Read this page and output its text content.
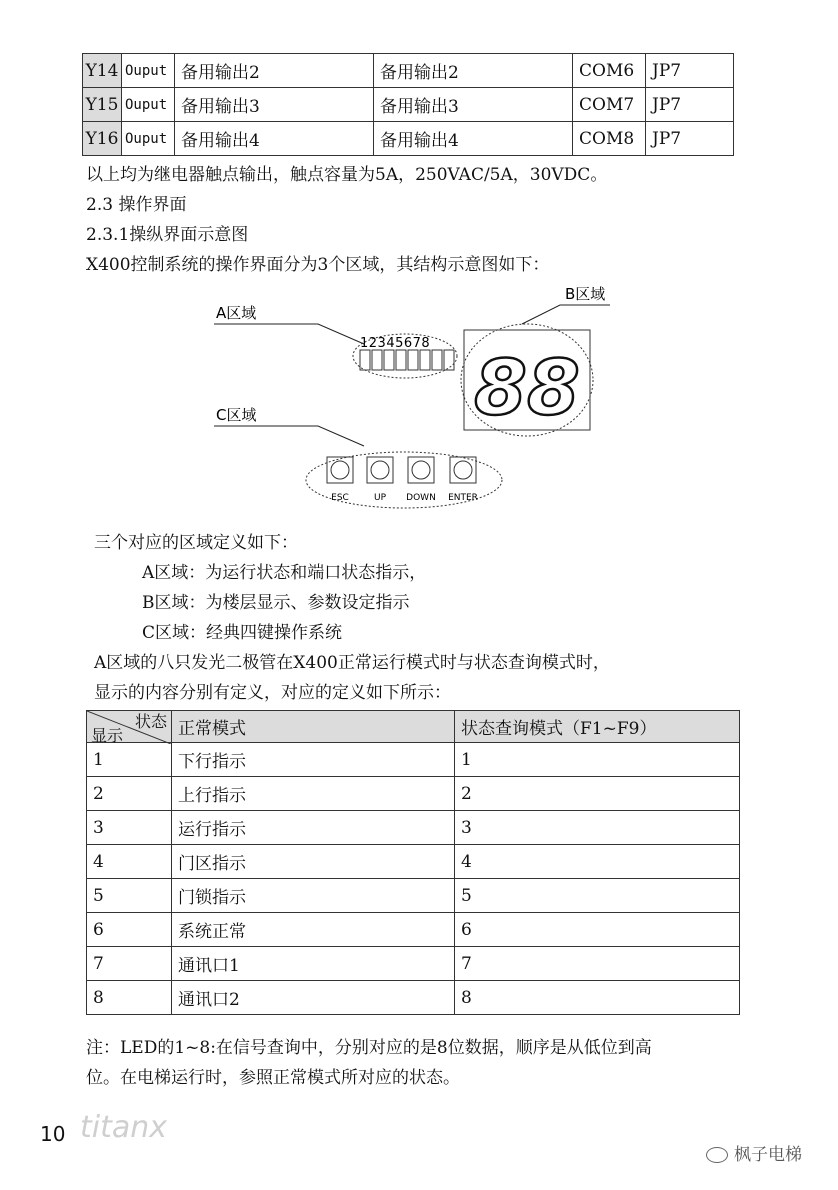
Y14	Ouput	备用输出2	备用输出2	COM6	JP7
Y15	Ouput	备用输出3	备用输出3	COM7	JP7
Y16	Ouput	备用输出4	备用输出4	COM8	JP7
以上均为继电器触点输出，触点容量为5A，250VAC/5A，30VDC。
2.3 操作界面
2.3.1操纵界面示意图
X400控制系统的操作界面分为3个区域，其结构示意图如下：
A区域
B区域
C区域
12345678 88
ESC	UP DOWN ENTER
三个对应的区域定义如下：
A区域：为运行状态和端口状态指示，
B区域：为楼层显示、参数设定指示
C区域：经典四键操作系统
A区域的八只发光二极管在X400正常运行模式时与状态查询模式时，
显示的内容分别有定义，对应的定义如下所示：
状态
显示	正常模式	状态查询模式（F1~F9）
1	下行指示	1
2	上行指示	2
3	运行指示	3
4	门区指示	4
5	门锁指示	5
6	系统正常	6
7	通讯口1	7
8	通讯口2	8
注：LED的1~8:在信号查询中，分别对应的是8位数据，顺序是从低位到高
位。在电梯运行时，参照正常模式所对应的状态。
10 titanx
枫子电梯
